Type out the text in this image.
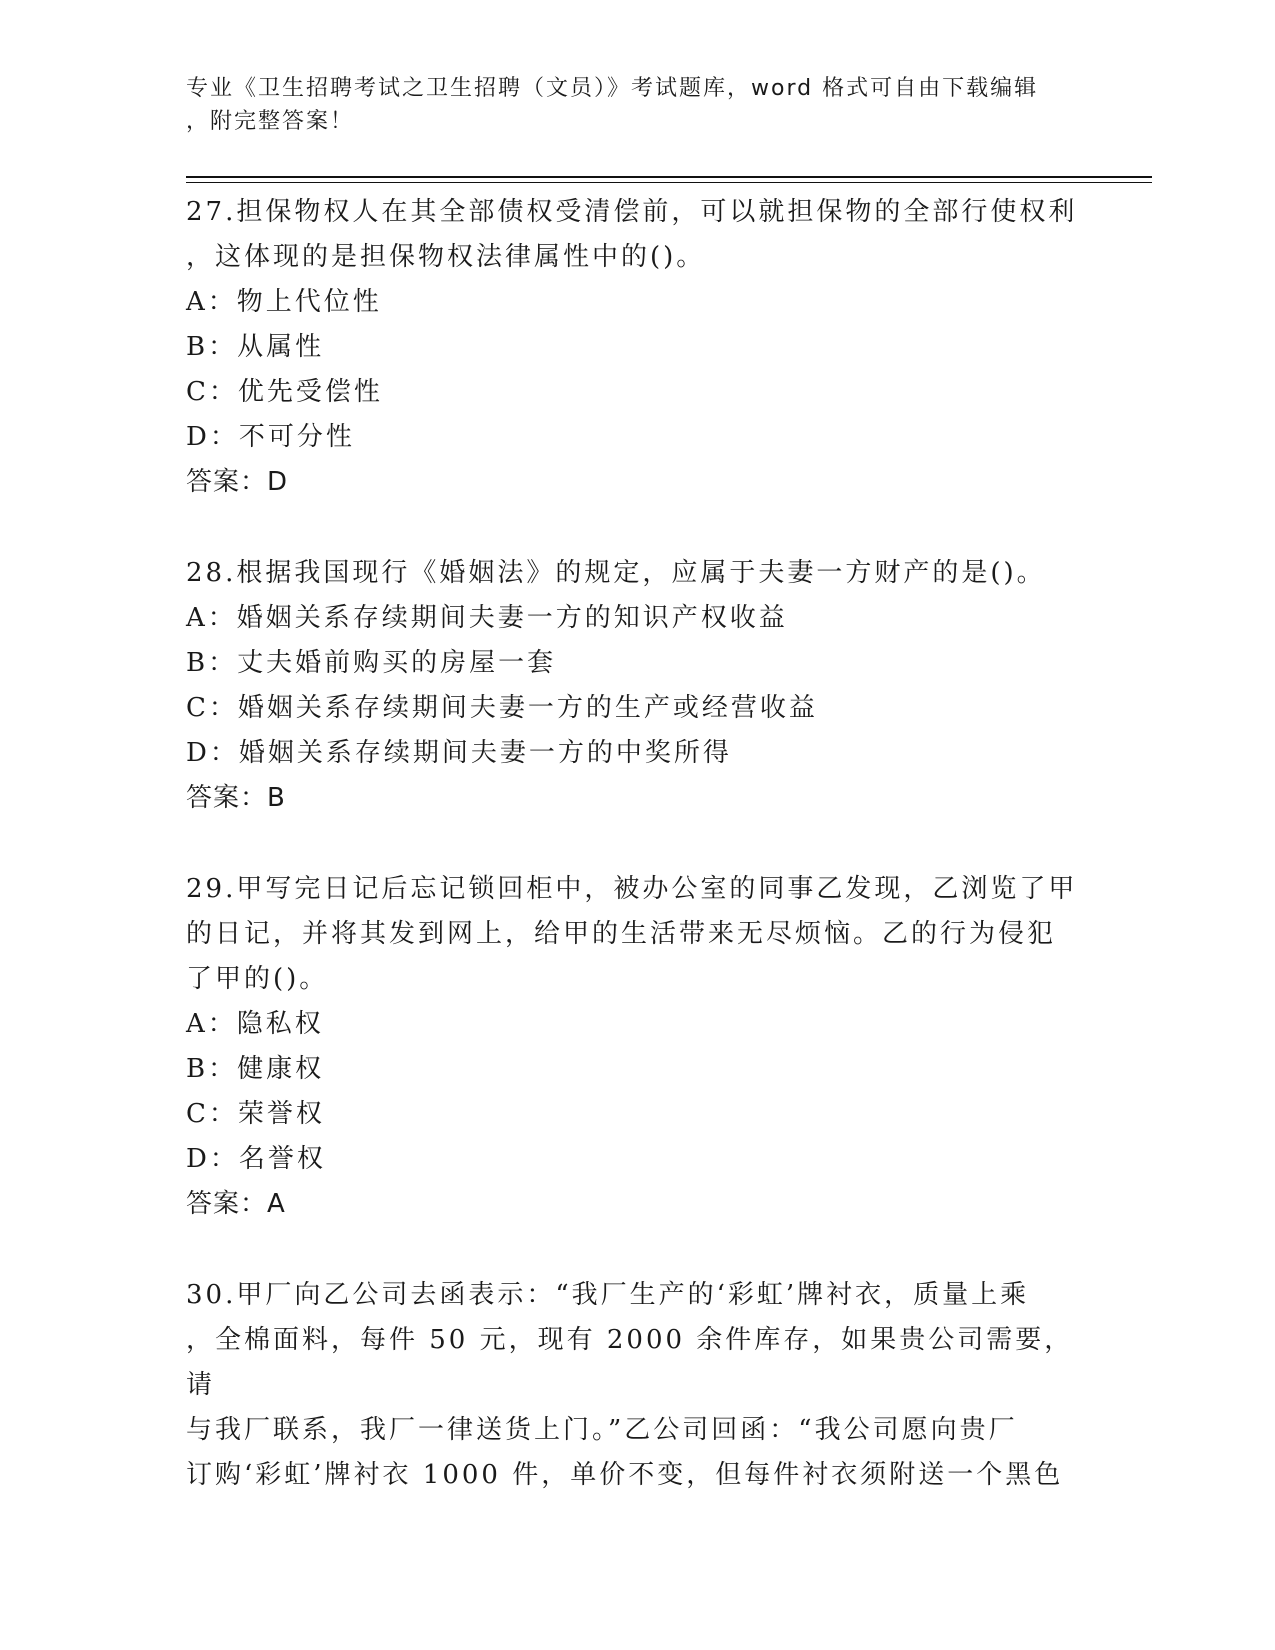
专业《卫生招聘考试之卫生招聘（文员）》考试题库，word 格式可自由下载编辑
，附完整答案！

27.担保物权人在其全部债权受清偿前，可以就担保物的全部行使权利
，这体现的是担保物权法律属性中的()。

A：物上代位性

B：从属性

C：优先受偿性

D：不可分性

答案：D

28.根据我国现行《婚姻法》的规定，应属于夫妻一方财产的是()。

A：婚姻关系存续期间夫妻一方的知识产权收益

B：丈夫婚前购买的房屋一套

C：婚姻关系存续期间夫妻一方的生产或经营收益

D：婚姻关系存续期间夫妻一方的中奖所得

答案：B

29.甲写完日记后忘记锁回柜中，被办公室的同事乙发现，乙浏览了甲
的日记，并将其发到网上，给甲的生活带来无尽烦恼。乙的行为侵犯
了甲的()。

A：隐私权

B：健康权

C：荣誉权

D：名誉权

答案：A

30.甲厂向乙公司去函表示：“我厂生产的‘彩虹’牌衬衣，质量上乘
，全棉面料，每件 50 元，现有 2000 余件库存，如果贵公司需要，请
与我厂联系，我厂一律送货上门。”乙公司回函：“我公司愿向贵厂
订购‘彩虹’牌衬衣 1000 件，单价不变，但每件衬衣须附送一个黑色
